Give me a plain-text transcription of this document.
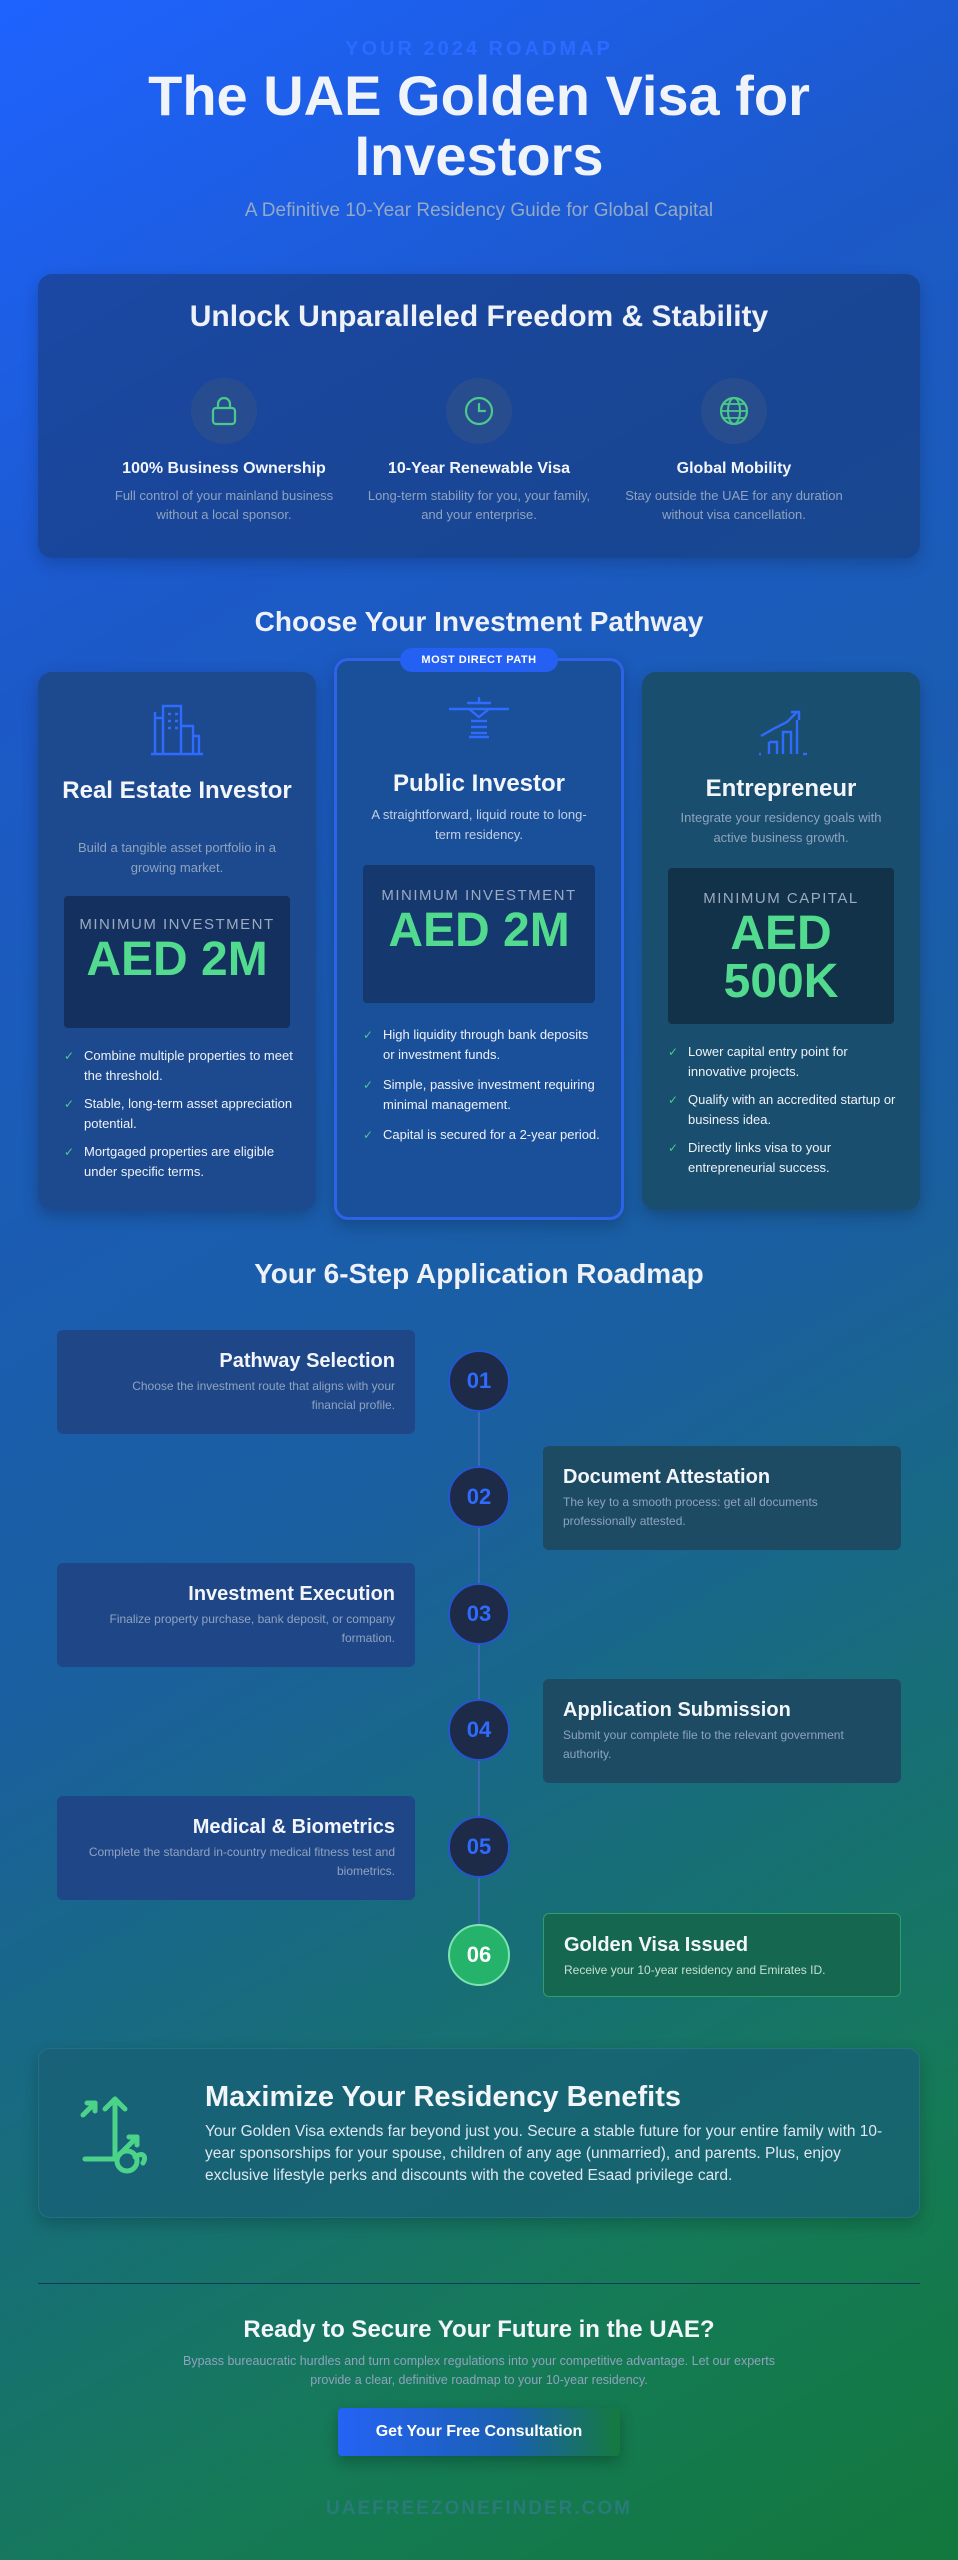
YOUR 2024 ROADMAP
The UAE Golden Visa for Investors
A Definitive 10-Year Residency Guide for Global Capital
Unlock Unparalleled Freedom & Stability
100% Business Ownership
Full control of your mainland business without a local sponsor.
10-Year Renewable Visa
Long-term stability for you, your family, and your enterprise.
Global Mobility
Stay outside the UAE for any duration without visa cancellation.
Choose Your Investment Pathway
Real Estate Investor
Build a tangible asset portfolio in a growing market.
MINIMUM INVESTMENT
AED 2M
✓ Combine multiple properties to meet the threshold.
✓ Stable, long-term asset appreciation potential.
✓ Mortgaged properties are eligible under specific terms.
Public Investor
A straightforward, liquid route to long-term residency.
MINIMUM INVESTMENT
AED 2M
✓ High liquidity through bank deposits or investment funds.
✓ Simple, passive investment requiring minimal management.
✓ Capital is secured for a 2-year period.
MOST DIRECT PATH
Entrepreneur
Integrate your residency goals with active business growth.
MINIMUM CAPITAL
AED 500K
✓ Lower capital entry point for innovative projects.
✓ Qualify with an accredited startup or business idea.
✓ Directly links visa to your entrepreneurial success.
Your 6-Step Application Roadmap
Pathway Selection
Choose the investment route that aligns with your financial profile.
01
Document Attestation
The key to a smooth process: get all documents professionally attested.
02
Investment Execution
Finalize property purchase, bank deposit, or company formation.
03
Application Submission
Submit your complete file to the relevant government authority.
04
Medical & Biometrics
Complete the standard in-country medical fitness test and biometrics.
05
Golden Visa Issued
Receive your 10-year residency and Emirates ID.
06
Maximize Your Residency Benefits

Your Golden Visa extends far beyond just you. Secure a stable future for your entire family with 10-year sponsorships for your spouse, children of any age (unmarried), and parents. Plus, enjoy exclusive lifestyle perks and discounts with the coveted Esaad privilege card.

Ready to Secure Your Future in the UAE?
Bypass bureaucratic hurdles and turn complex regulations into your competitive advantage. Let our experts provide a clear, definitive roadmap to your 10-year residency.
Get Your Free Consultation
UAEFREEZONEFINDER.COM
